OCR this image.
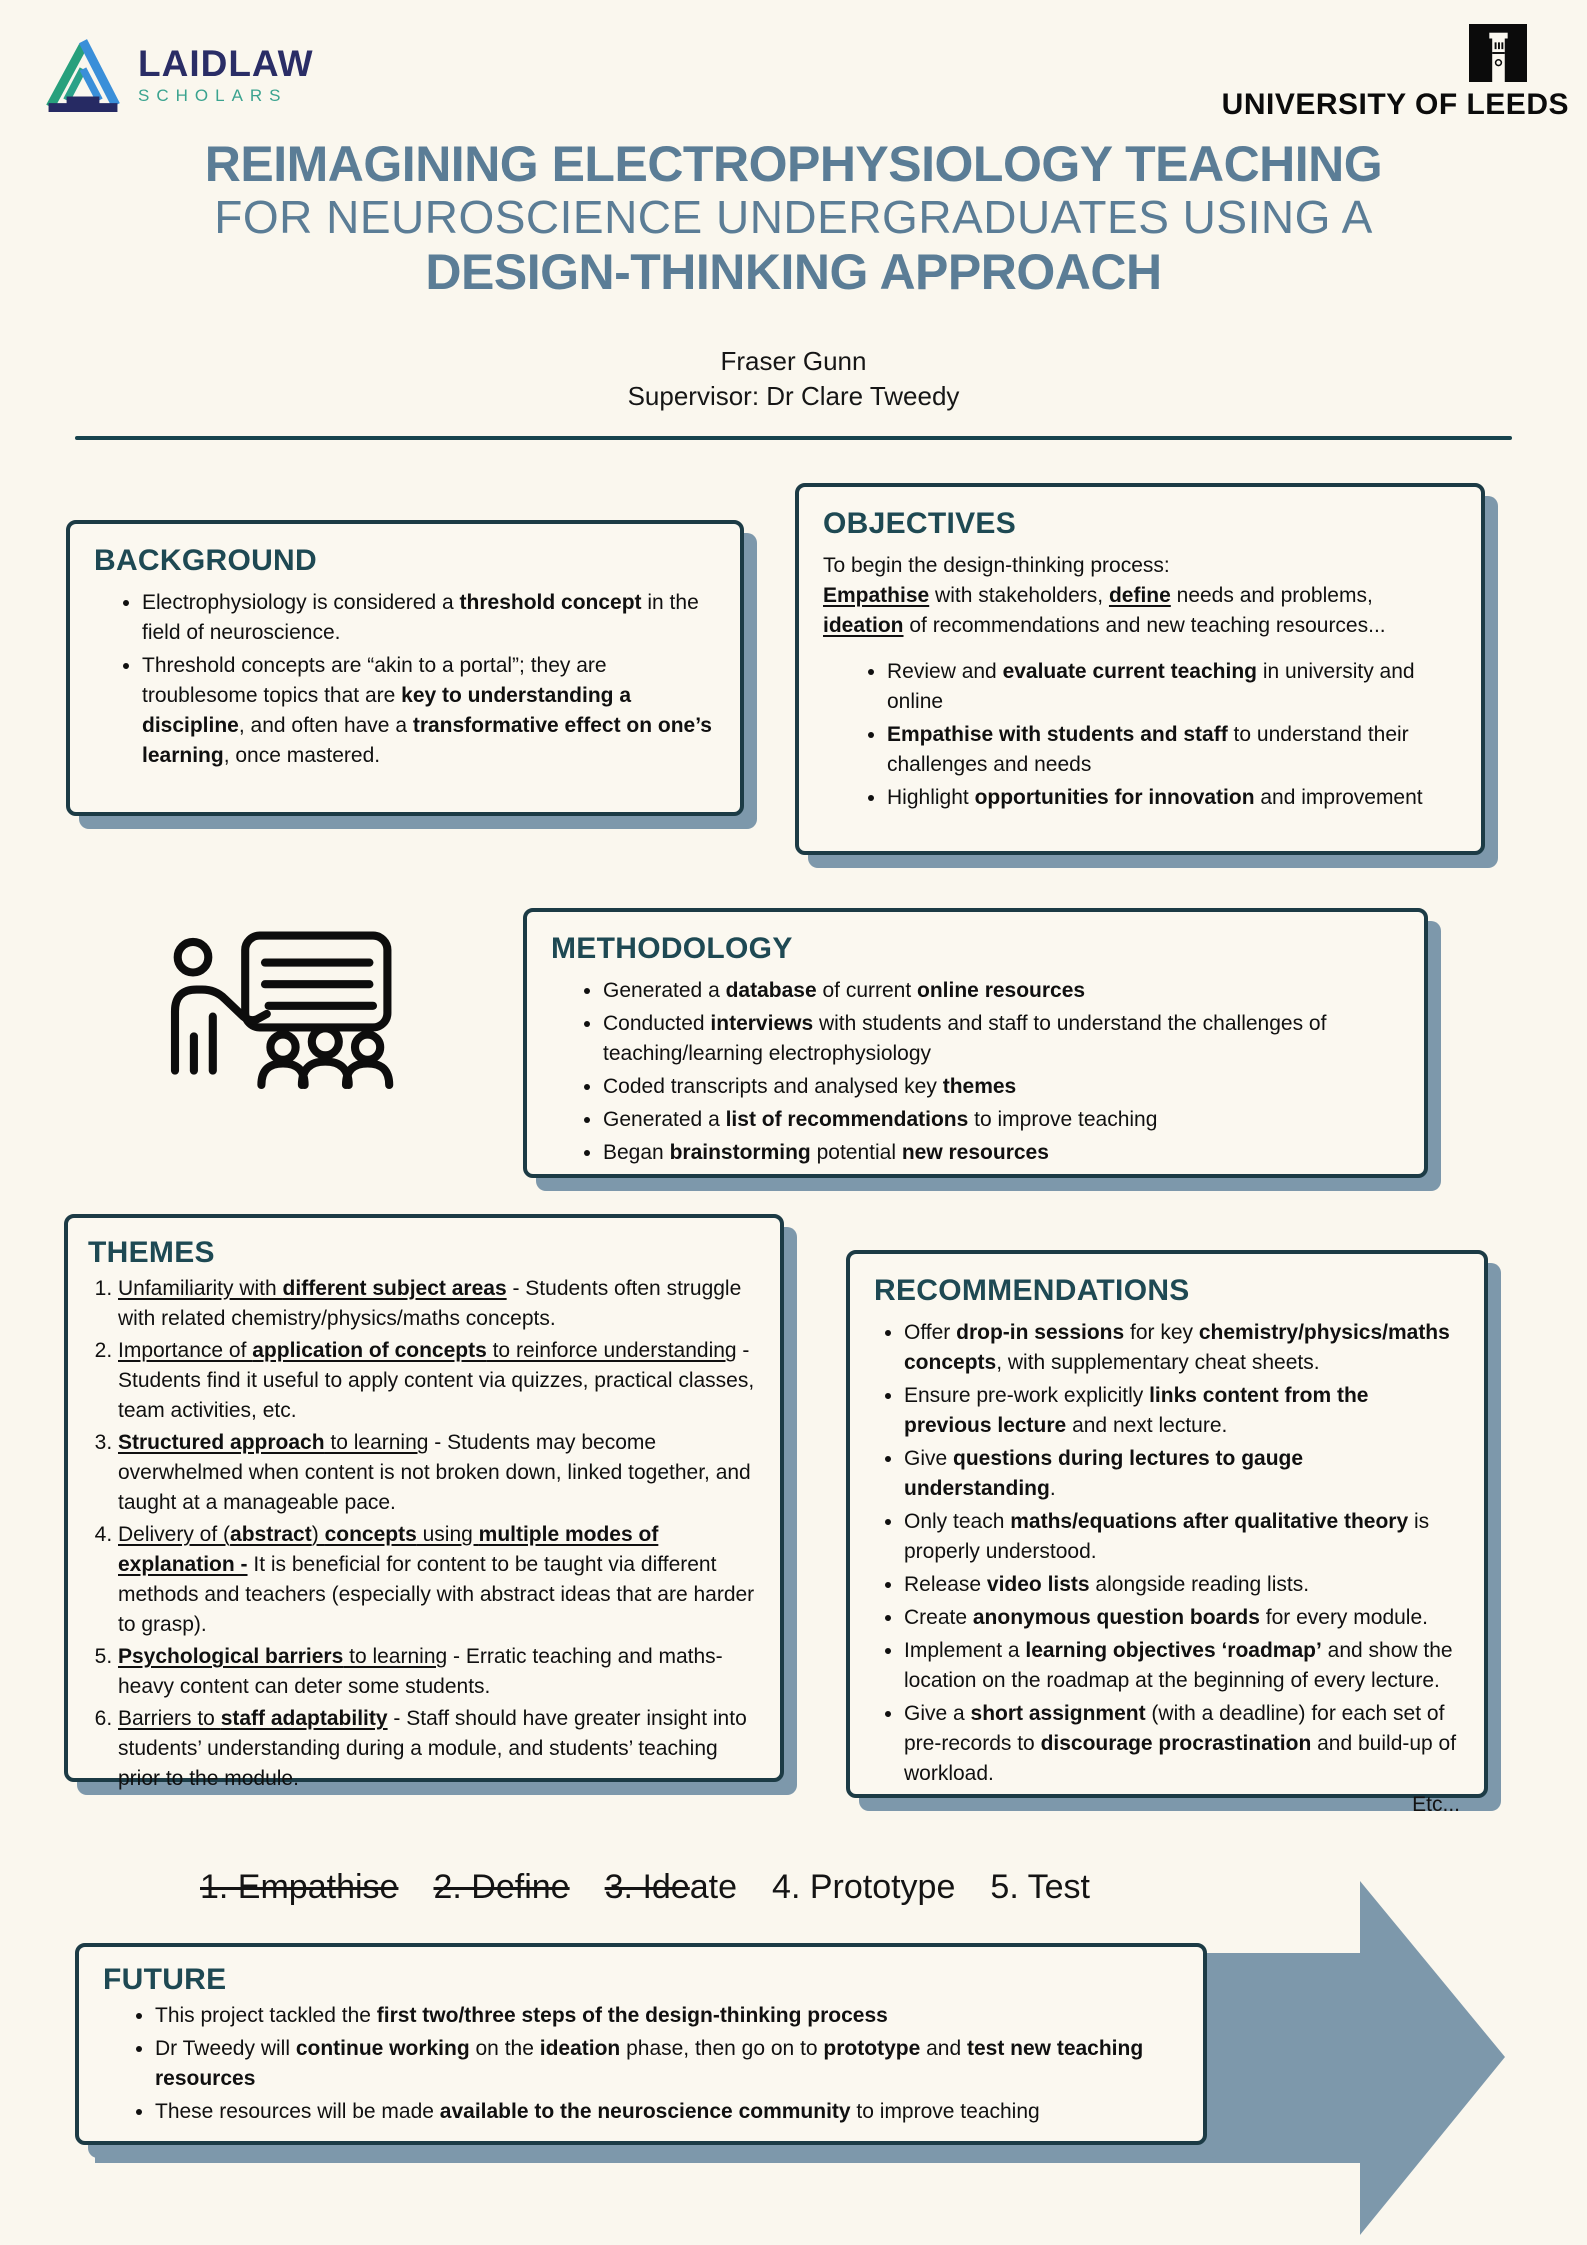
LAIDLAW
SCHOLARS	UNIVERSITY OF LEEDS
REIMAGINING ELECTROPHYSIOLOGY TEACHING
FOR NEUROSCIENCE UNDERGRADUATES USING A
DESIGN-THINKING APPROACH
Fraser Gunn
Supervisor: Dr Clare Tweedy
BACKGROUND
• Electrophysiology is considered a threshold concept in the field of neuroscience.
• Threshold concepts are “akin to a portal”; they are troublesome topics that are key to understanding a discipline, and often have a transformative effect on one’s learning, once mastered.
OBJECTIVES

To begin the design-thinking process:

Empathise with stakeholders, define needs and problems, ideation of recommendations and new teaching resources...

• Review and evaluate current teaching in university and online
• Empathise with students and staff to understand their challenges and needs
• Highlight opportunities for innovation and improvement
METHODOLOGY
• Generated a database of current online resources
• Conducted interviews with students and staff to understand the challenges of teaching/learning electrophysiology
• Coded transcripts and analysed key themes
• Generated a list of recommendations to improve teaching
• Began brainstorming potential new resources
THEMES
1. Unfamiliarity with different subject areas - Students often struggle with related chemistry/physics/maths concepts.
2. Importance of application of concepts to reinforce understanding - Students find it useful to apply content via quizzes, practical classes, team activities, etc.
3. Structured approach to learning - Students may become overwhelmed when content is not broken down, linked together, and taught at a manageable pace.
4. Delivery of (abstract) concepts using multiple modes of explanation - It is beneficial for content to be taught via different methods and teachers (especially with abstract ideas that are harder to grasp).
5. Psychological barriers to learning - Erratic teaching and maths-heavy content can deter some students.
6. Barriers to staff adaptability - Staff should have greater insight into students’ understanding during a module, and students’ teaching prior to the module.
RECOMMENDATIONS
• Offer drop-in sessions for key chemistry/physics/maths concepts, with supplementary cheat sheets.
• Ensure pre-work explicitly links content from the previous lecture and next lecture.
• Give questions during lectures to gauge understanding.
• Only teach maths/equations after qualitative theory is properly understood.
• Release video lists alongside reading lists.
• Create anonymous question boards for every module.
• Implement a learning objectives ‘roadmap’ and show the location on the roadmap at the beginning of every lecture.
• Give a short assignment (with a deadline) for each set of pre-records to discourage procrastination and build-up of workload.
Etc...
1. Empathise 2. Define 3. Ideate 4. Prototype 5. Test
FUTURE
• This project tackled the first two/three steps of the design-thinking process
• Dr Tweedy will continue working on the ideation phase, then go on to prototype and test new teaching resources
• These resources will be made available to the neuroscience community to improve teaching
